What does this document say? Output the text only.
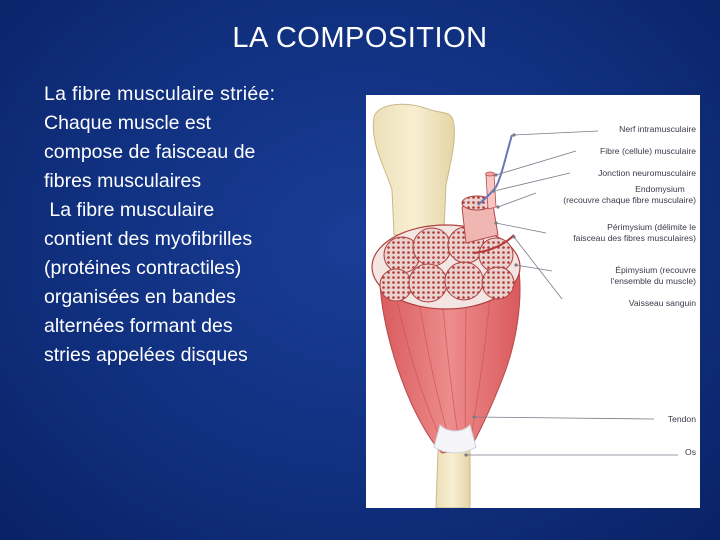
LA COMPOSITION
La fibre musculaire striée:
Chaque muscle est
compose de faisceau de
fibres musculaires
La fibre musculaire
contient des myofibrilles
(protéines contractiles)
organisées en bandes
alternées formant des
stries appelées disques
Nerf intramusculaire
Fibre (cellule) musculaire
Jonction neuromusculaire
Endomysium
(recouvre chaque fibre musculaire)
Périmysium (délimite le
faisceau des fibres musculaires)
Épimysium (recouvre
l'ensemble du muscle)
Vaisseau sanguin
Tendon
Os
